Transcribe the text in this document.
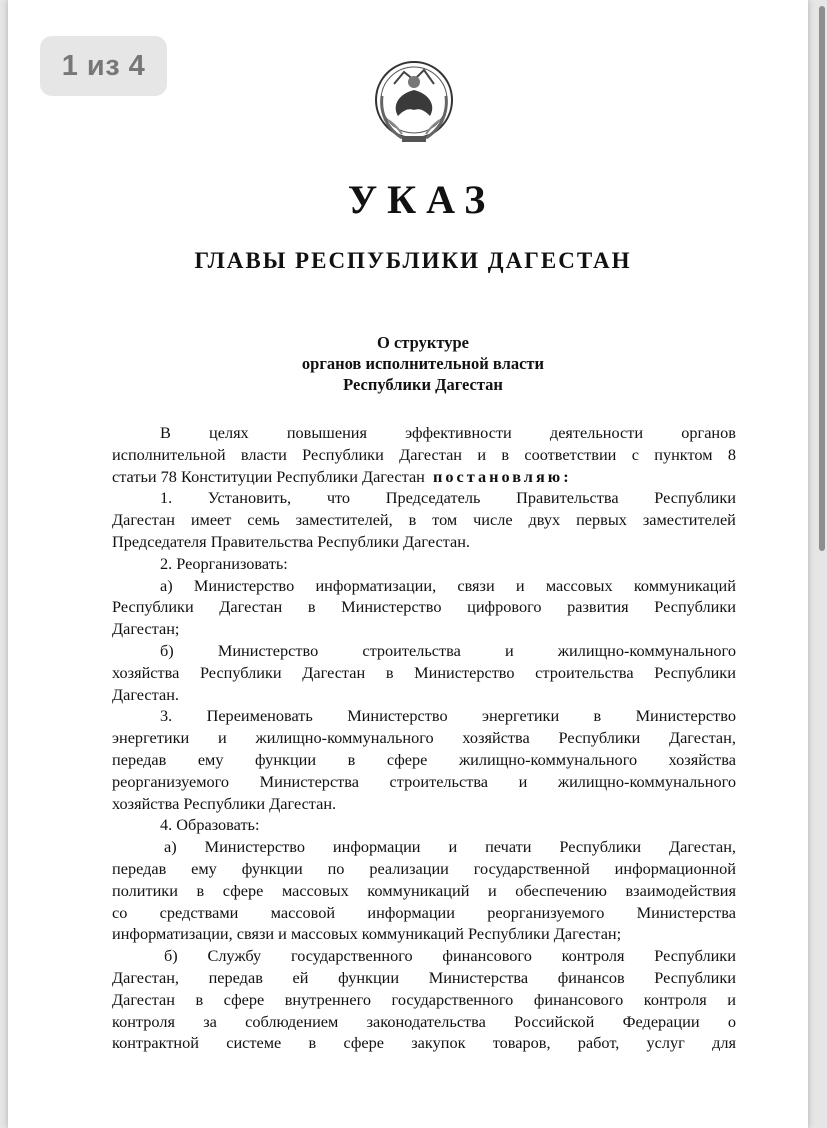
УКАЗ
ГЛАВЫ РЕСПУБЛИКИ ДАГЕСТАН
О структуре
органов исполнительной власти
Республики Дагестан
В целях повышения эффективности деятельности органов
исполнительной власти Республики Дагестан и в соответствии с пунктом 8
статьи 78 Конституции Республики Дагестан
постановляю:
1. Установить, что Председатель Правительства Республики
Дагестан имеет семь заместителей, в том числе двух первых заместителей
Председателя Правительства Республики Дагестан.
2. Реорганизовать:
а) Министерство информатизации, связи и массовых коммуникаций
Республики Дагестан в Министерство цифрового развития Республики
Дагестан;
б)	Министерство	строительства	и	жилищно-коммунального
хозяйства Республики Дагестан в Министерство строительства Республики
Дагестан.
3. Переименовать Министерство энергетики в Министерство
энергетики и жилищно-коммунального хозяйства Республики Дагестан,
передав ему функции в сфере жилищно-коммунального хозяйства
реорганизуемого Министерства строительства и жилищно-коммунального
хозяйства Республики Дагестан.
4. Образовать:
а) Министерство информации и печати Республики Дагестан,
передав ему функции по реализации государственной информационной
политики в сфере массовых коммуникаций и обеспечению взаимодействия
со средствами массовой информации реорганизуемого Министерства
информатизации, связи и массовых коммуникаций Республики Дагестан;
б) Службу государственного финансового контроля Республики
Дагестан, передав ей функции Министерства финансов Республики
Дагестан в сфере внутреннего государственного финансового контроля и
контроля за соблюдением законодательства Российской Федерации о
контрактной системе в сфере закупок товаров, работ, услуг для
1 из 4
